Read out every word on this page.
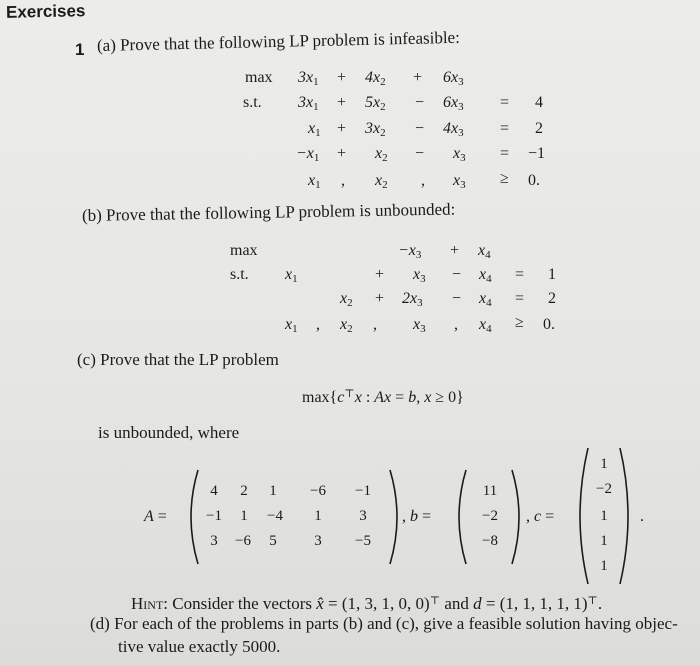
Exercises
1 (a) Prove that the following LP problem is infeasible:
max
s.t.
$3x_1 + 4x_2 + 6x_3$
$3x_1 + 5x_2 - 6x_3 = 4$
$x_1 + 3x_2 - 4x_3 = 2$
$-x_1 + x_2 - x_3 = -1$
$x_1$ , $x_2$ , $x_3 \ge 0$.
(b) Prove that the following LP problem is unbounded:
max
s.t.
$-x_3 + x_4$
$x_1$	+ $x_3 - x_4 = 1$
$x_2 + 2x_3 - x_4 = 2$
$x_1$ , $x_2$ , $x_3$ , $x_4 \ge 0$.
(c) Prove that the LP problem
max{c⊤x : Ax = b, x ≥ 0}
is unbounded, where
A =
4	2	1	−6	−1
−1	1	−4	1	3
3	−6	5	3	−5
, b =
11
−2
−8
, c =
1
−2
1
1
1
.
Hint: Consider the vectors x̂ = (1, 3, 1, 0, 0)⊤ and d = (1, 1, 1, 1, 1)⊤.
(d) For each of the problems in parts (b) and (c), give a feasible solution having objec-
tive value exactly 5000.
